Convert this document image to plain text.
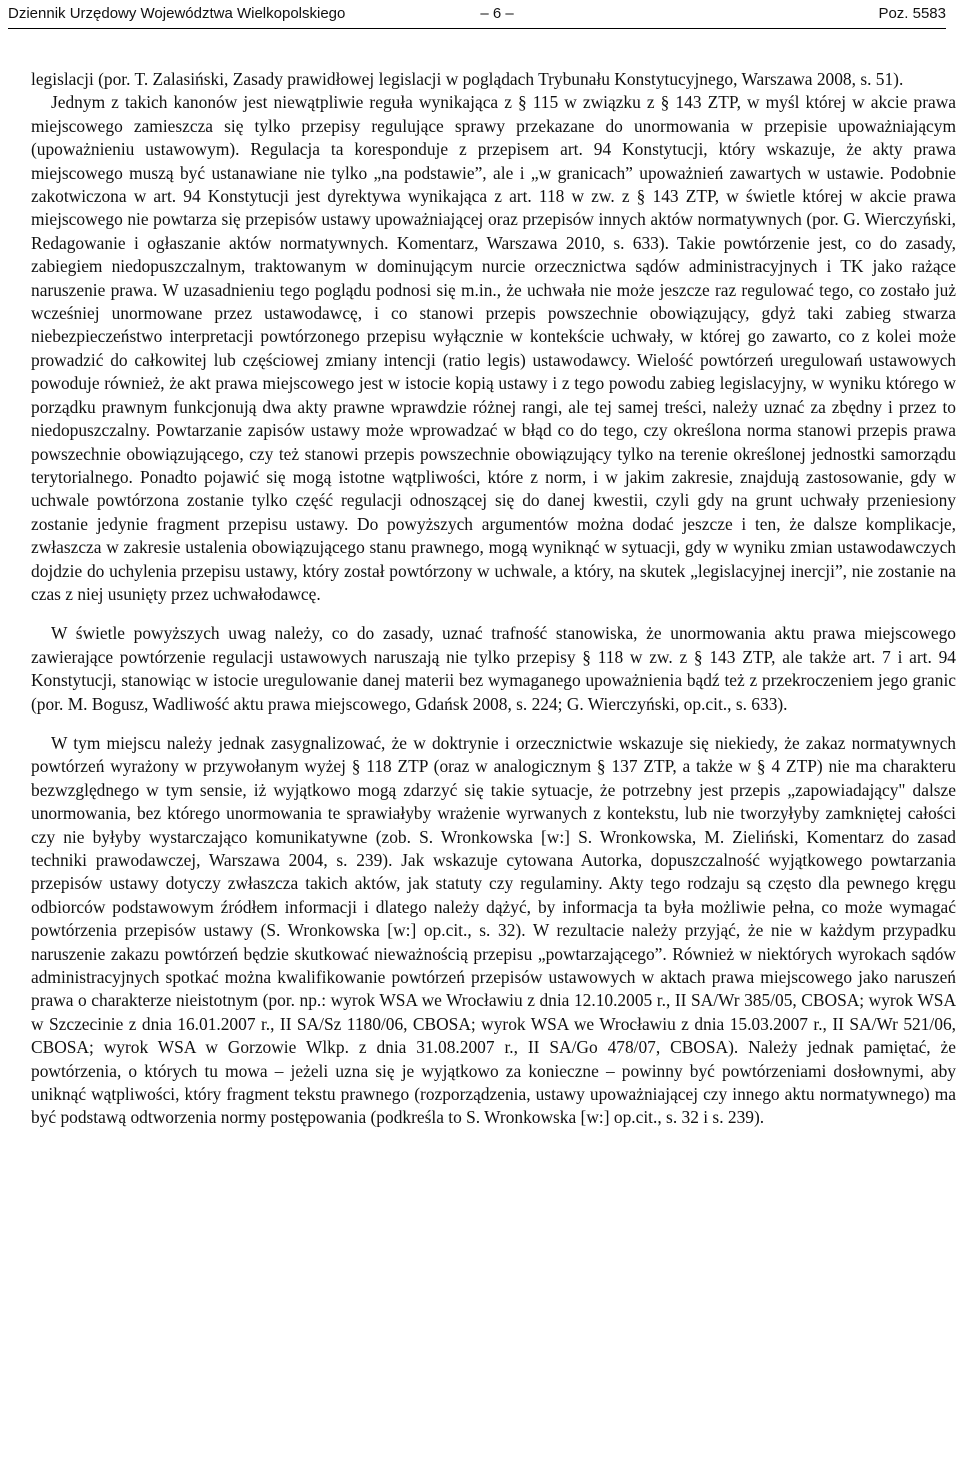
Dziennik Urzędowy Województwa Wielkopolskiego	– 6 –	Poz. 5583

legislacji (por. T. Zalasiński, Zasady prawidłowej legislacji w poglądach Trybunału Konstytucyjnego, Warszawa 2008, s. 51).

Jednym z takich kanonów jest niewątpliwie reguła wynikająca z § 115 w związku z § 143 ZTP, w myśl której w akcie prawa miejscowego zamieszcza się tylko przepisy regulujące sprawy przekazane do unormowania w przepisie upoważniającym (upoważnieniu ustawowym). Regulacja ta koresponduje z przepisem art. 94 Konstytucji, który wskazuje, że akty prawa miejscowego muszą być ustanawiane nie tylko „na podstawie”, ale i „w granicach” upoważnień zawartych w ustawie. Podobnie zakotwiczona w art. 94 Konstytucji jest dyrektywa wynikająca z art. 118 w zw. z § 143 ZTP, w świetle której w akcie prawa miejscowego nie powtarza się przepisów ustawy upoważniającej oraz przepisów innych aktów normatywnych (por. G. Wierczyński, Redagowanie i ogłaszanie aktów normatywnych. Komentarz, Warszawa 2010, s. 633). Takie powtórzenie jest, co do zasady, zabiegiem niedopuszczalnym, traktowanym w dominującym nurcie orzecznictwa sądów administracyjnych i TK jako rażące naruszenie prawa. W uzasadnieniu tego poglądu podnosi się m.in., że uchwała nie może jeszcze raz regulować tego, co zostało już wcześniej unormowane przez ustawodawcę, i co stanowi przepis powszechnie obowiązujący, gdyż taki zabieg stwarza niebezpieczeństwo interpretacji powtórzonego przepisu wyłącznie w kontekście uchwały, w której go zawarto, co z kolei może prowadzić do całkowitej lub częściowej zmiany intencji (ratio legis) ustawodawcy. Wielość powtórzeń uregulowań ustawowych powoduje również, że akt prawa miejscowego jest w istocie kopią ustawy i z tego powodu zabieg legislacyjny, w wyniku którego w porządku prawnym funkcjonują dwa akty prawne wprawdzie różnej rangi, ale tej samej treści, należy uznać za zbędny i przez to niedopuszczalny. Powtarzanie zapisów ustawy może wprowadzać w błąd co do tego, czy określona norma stanowi przepis prawa powszechnie obowiązującego, czy też stanowi przepis powszechnie obowiązujący tylko na terenie określonej jednostki samorządu terytorialnego. Ponadto pojawić się mogą istotne wątpliwości, które z norm, i w jakim zakresie, znajdują zastosowanie, gdy w uchwale powtórzona zostanie tylko część regulacji odnoszącej się do danej kwestii, czyli gdy na grunt uchwały przeniesiony zostanie jedynie fragment przepisu ustawy. Do powyższych argumentów można dodać jeszcze i ten, że dalsze komplikacje, zwłaszcza w zakresie ustalenia obowiązującego stanu prawnego, mogą wyniknąć w sytuacji, gdy w wyniku zmian ustawodawczych dojdzie do uchylenia przepisu ustawy, który został powtórzony w uchwale, a który, na skutek „legislacyjnej inercji”, nie zostanie na czas z niej usunięty przez uchwałodawcę.

W świetle powyższych uwag należy, co do zasady, uznać trafność stanowiska, że unormowania aktu prawa miejscowego zawierające powtórzenie regulacji ustawowych naruszają nie tylko przepisy § 118 w zw. z § 143 ZTP, ale także art. 7 i art. 94 Konstytucji, stanowiąc w istocie uregulowanie danej materii bez wymaganego upoważnienia bądź też z przekroczeniem jego granic (por. M. Bogusz, Wadliwość aktu prawa miejscowego, Gdańsk 2008, s. 224; G. Wierczyński, op.cit., s. 633).

W tym miejscu należy jednak zasygnalizować, że w doktrynie i orzecznictwie wskazuje się niekiedy, że zakaz normatywnych powtórzeń wyrażony w przywołanym wyżej § 118 ZTP (oraz w analogicznym § 137 ZTP, a także w § 4 ZTP) nie ma charakteru bezwzględnego w tym sensie, iż wyjątkowo mogą zdarzyć się takie sytuacje, że potrzebny jest przepis „zapowiadający" dalsze unormowania, bez którego unormowania te sprawiałyby wrażenie wyrwanych z kontekstu, lub nie tworzyłyby zamkniętej całości czy nie byłyby wystarczająco komunikatywne (zob. S. Wronkowska [w:] S. Wronkowska, M. Zieliński, Komentarz do zasad techniki prawodawczej, Warszawa 2004, s. 239). Jak wskazuje cytowana Autorka, dopuszczalność wyjątkowego powtarzania przepisów ustawy dotyczy zwłaszcza takich aktów, jak statuty czy regulaminy. Akty tego rodzaju są często dla pewnego kręgu odbiorców podstawowym źródłem informacji i dlatego należy dążyć, by informacja ta była możliwie pełna, co może wymagać powtórzenia przepisów ustawy (S. Wronkowska [w:] op.cit., s. 32). W rezultacie należy przyjąć, że nie w każdym przypadku naruszenie zakazu powtórzeń będzie skutkować nieważnością przepisu „powtarzającego”. Również w niektórych wyrokach sądów administracyjnych spotkać można kwalifikowanie powtórzeń przepisów ustawowych w aktach prawa miejscowego jako naruszeń prawa o charakterze nieistotnym (por. np.: wyrok WSA we Wrocławiu z dnia 12.10.2005 r., II SA/Wr 385/05, CBOSA; wyrok WSA w Szczecinie z dnia 16.01.2007 r., II SA/Sz 1180/06, CBOSA; wyrok WSA we Wrocławiu z dnia 15.03.2007 r., II SA/Wr 521/06, CBOSA; wyrok WSA w Gorzowie Wlkp. z dnia 31.08.2007 r., II SA/Go 478/07, CBOSA). Należy jednak pamiętać, że powtórzenia, o których tu mowa – jeżeli uzna się je wyjątkowo za konieczne – powinny być powtórzeniami dosłownymi, aby uniknąć wątpliwości, który fragment tekstu prawnego (rozporządzenia, ustawy upoważniającej czy innego aktu normatywnego) ma być podstawą odtworzenia normy postępowania (podkreśla to S. Wronkowska [w:] op.cit., s. 32 i s. 239).
